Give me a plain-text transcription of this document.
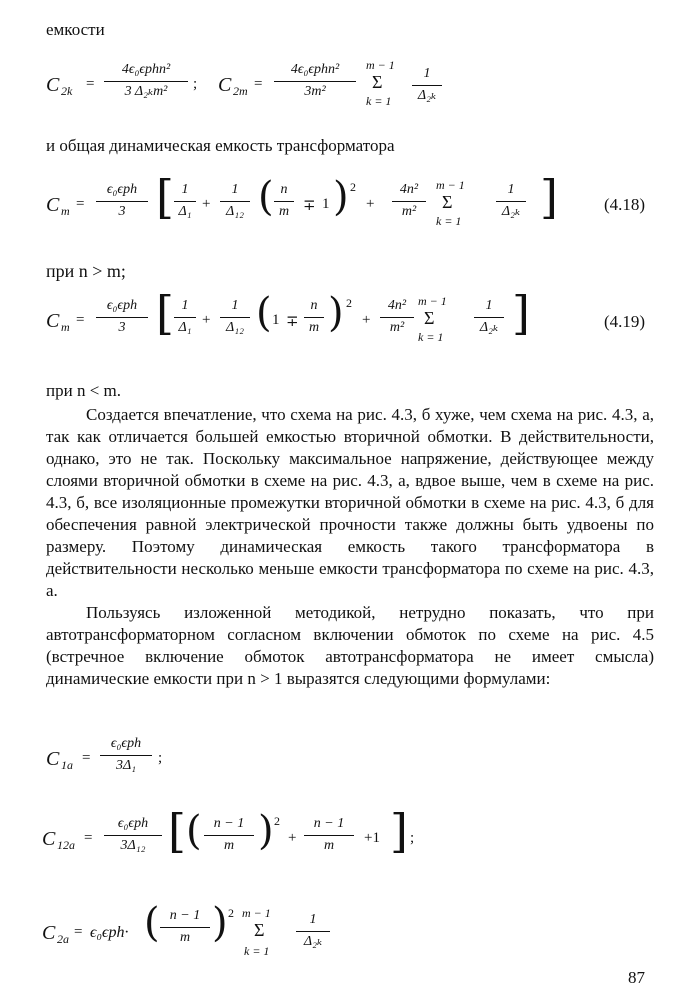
емкости
C 2k =
4ϵ₀ϵphn²
3 Δ₂ₖm²	; C 2т =
4ϵ₀ϵphn²
3m²
m − 1
Σ
k = 1
1
Δ₂ₖ
и общая динамическая емкость трансформатора
C т =
ϵ₀ϵph
3 [ 1
Δ₁ +
1
Δ₁₂ ( n
m ∓ 1 ) 2
+
4n²
m²
m − 1
Σ
k = 1
1
Δ₂ₖ ]	(4.18)
при n > m;
C т =
ϵ₀ϵph
3 [ 1
Δ₁ +
1
Δ₁₂ ( 1 ∓
n
m ) 2
+
4n²
m²
m − 1
Σ
k = 1
1
Δ₂ₖ ]	(4.19)
при n < m.

Создается впечатление, что схема на рис. 4.3, б хуже, чем схема на рис. 4.3, а, так как отличается большей емкостью вторичной обмотки. В действительности, однако, это не так. Поскольку максимальное напряжение, действующее между слоями вторичной обмотки в схеме на рис. 4.3, а, вдвое выше, чем в схеме на рис. 4.3, б, все изоляционные промежутки вторичной обмотки в схеме на рис. 4.3, б для обеспечения равной электрической прочности также должны быть удвоены по размеру. Поэтому динамическая емкость такого трансформатора в действительности несколько меньше емкости трансформатора по схеме на рис. 4.3, а.

Пользуясь изложенной методикой, нетрудно показать, что при автотрансформаторном согласном включении обмоток по схеме на рис. 4.5 (встречное включение обмоток автотрансформатора не имеет смысла) динамические емкости при n > 1 выразятся следующими формулами:

C 1a =
ϵ₀ϵph
3Δ₁	;
C 12a =
ϵ₀ϵph
3Δ₁₂ [ ( n − 1
m ) 2
+
n − 1
m	+1 ] ;
C 2a = ϵ₀ϵph· ( n − 1
m ) 2 m − 1
Σ
k = 1
1
Δ₂ₖ
87
